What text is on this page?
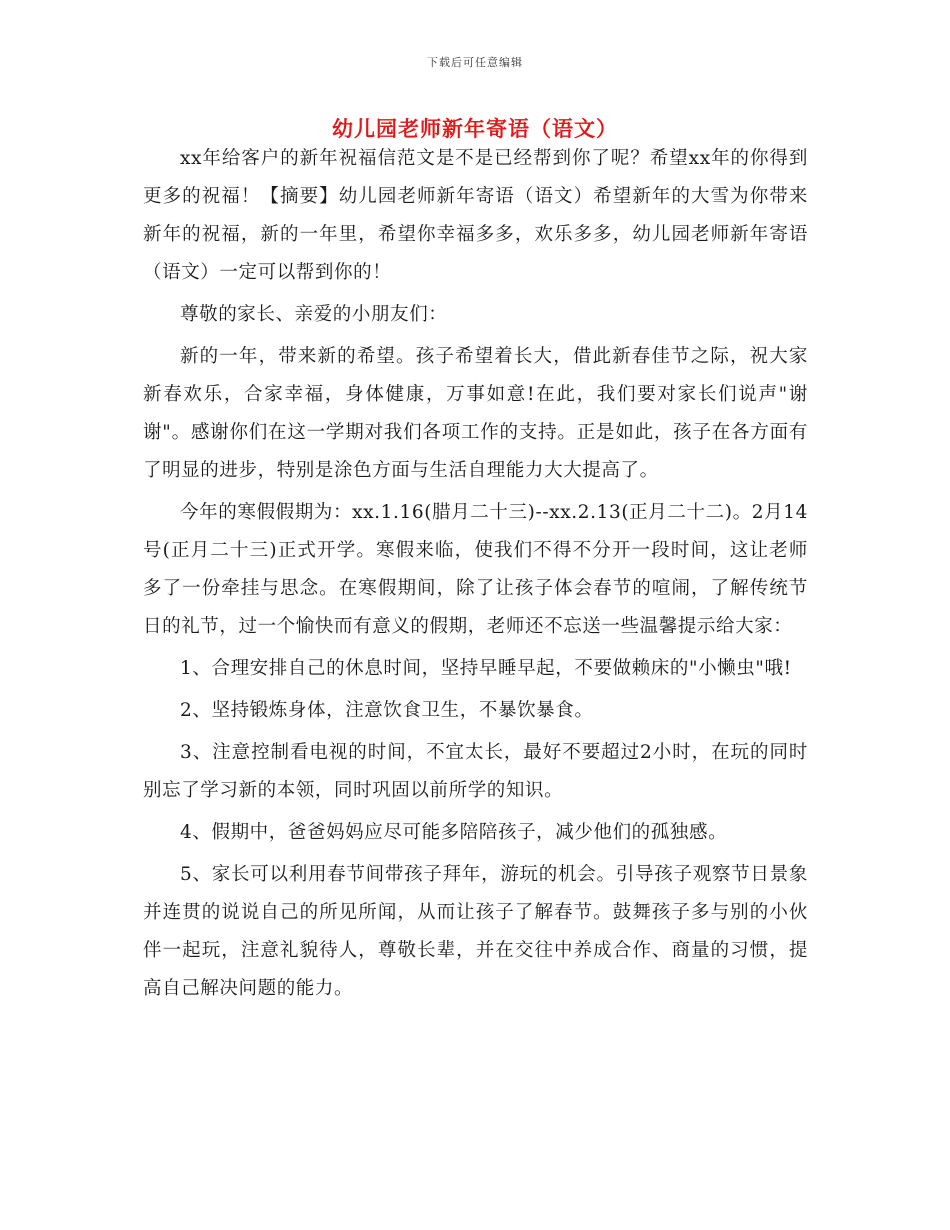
下载后可任意编辑
幼儿园老师新年寄语（语文）

xx年给客户的新年祝福信范文是不是已经帮到你了呢？希望xx年的你得到更多的祝福！【摘要】幼儿园老师新年寄语（语文）希望新年的大雪为你带来新年的祝福，新的一年里，希望你幸福多多，欢乐多多，幼儿园老师新年寄语（语文）一定可以帮到你的！

尊敬的家长、亲爱的小朋友们：

新的一年，带来新的希望。孩子希望着长大，借此新春佳节之际，祝大家新春欢乐，合家幸福，身体健康，万事如意!在此，我们要对家长们说声"谢谢"。感谢你们在这一学期对我们各项工作的支持。正是如此，孩子在各方面有了明显的进步，特别是涂色方面与生活自理能力大大提高了。

今年的寒假假期为：xx.1.16(腊月二十三)--xx.2.13(正月二十二)。2月14号(正月二十三)正式开学。寒假来临，使我们不得不分开一段时间，这让老师多了一份牵挂与思念。在寒假期间，除了让孩子体会春节的喧闹，了解传统节日的礼节，过一个愉快而有意义的假期，老师还不忘送一些温馨提示给大家：

1、合理安排自己的休息时间，坚持早睡早起，不要做赖床的"小懒虫"哦!

2、坚持锻炼身体，注意饮食卫生，不暴饮暴食。

3、注意控制看电视的时间，不宜太长，最好不要超过2小时，在玩的同时别忘了学习新的本领，同时巩固以前所学的知识。

4、假期中，爸爸妈妈应尽可能多陪陪孩子，减少他们的孤独感。

5、家长可以利用春节间带孩子拜年，游玩的机会。引导孩子观察节日景象并连贯的说说自己的所见所闻，从而让孩子了解春节。鼓舞孩子多与别的小伙伴一起玩，注意礼貌待人，尊敬长辈，并在交往中养成合作、商量的习惯，提高自己解决问题的能力。
